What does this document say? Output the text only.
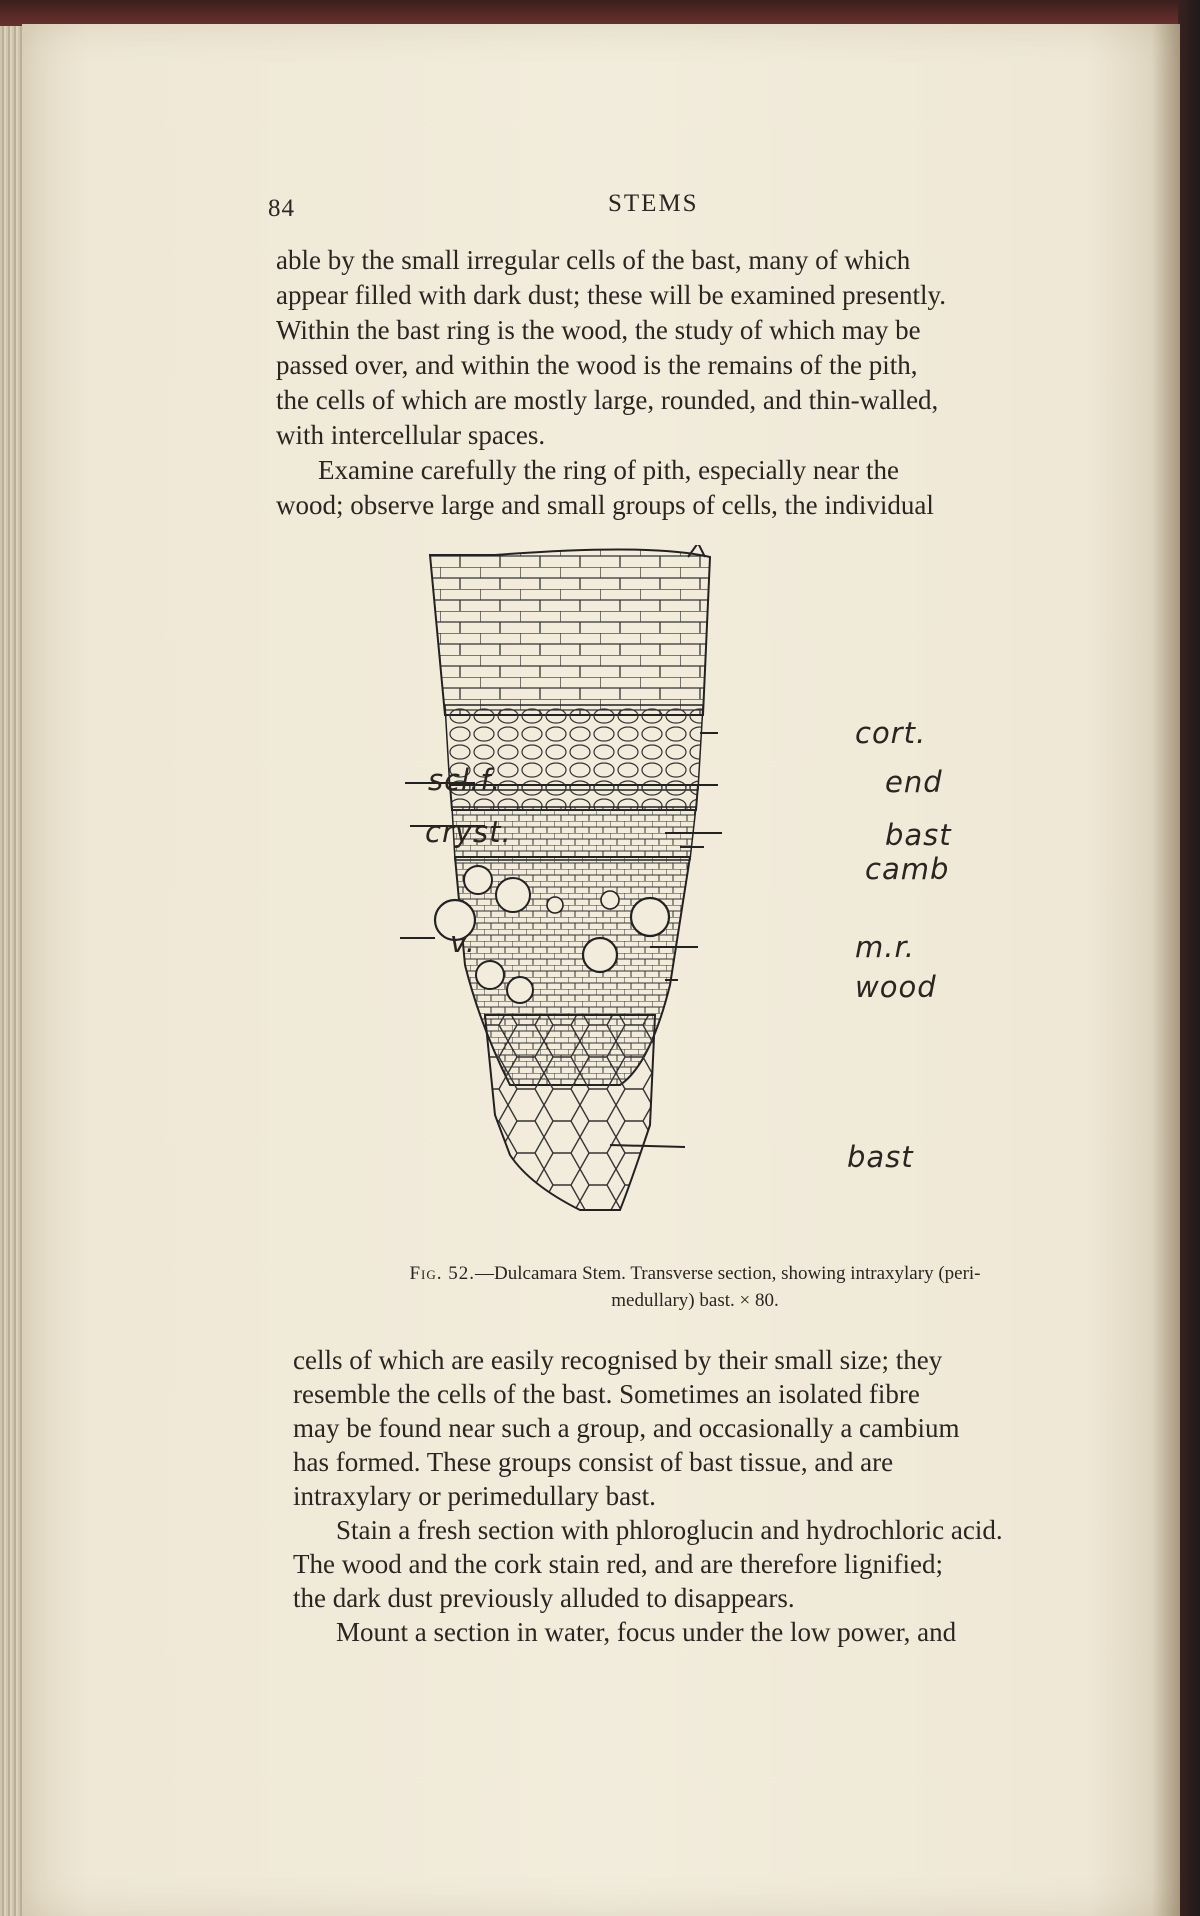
84	STEMS
able by the small irregular cells of the bast, many of which
appear filled with dark dust; these will be examined presently.
Within the bast ring is the wood, the study of which may be
passed over, and within the wood is the remains of the pith,
the cells of which are mostly large, rounded, and thin-walled,
with intercellular spaces.
Examine carefully the ring of pith, especially near the
wood; observe large and small groups of cells, the individual
cort.
end
bast
camb
m.r.
wood
bast
scl.f.
cryst.
v.
Fig. 52.—Dulcamara Stem. Transverse section, showing intraxylary (peri-
medullary) bast. × 80.
cells of which are easily recognised by their small size; they
resemble the cells of the bast. Sometimes an isolated fibre
may be found near such a group, and occasionally a cambium
has formed. These groups consist of bast tissue, and are
intraxylary or perimedullary bast.
Stain a fresh section with phloroglucin and hydrochloric acid.
The wood and the cork stain red, and are therefore lignified;
the dark dust previously alluded to disappears.
Mount a section in water, focus under the low power, and
